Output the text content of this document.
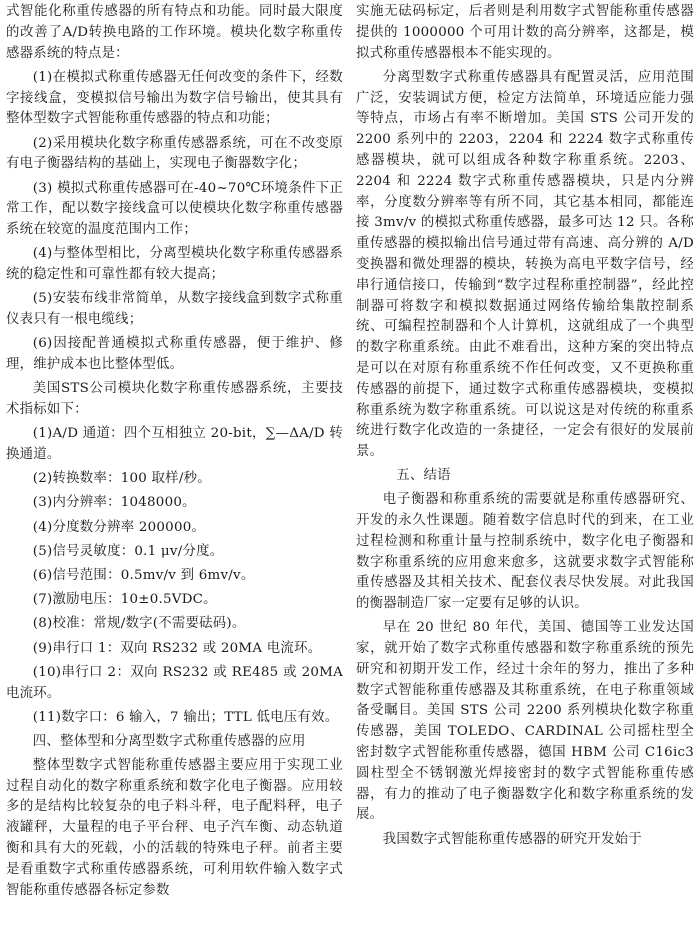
式智能化称重传感器的所有特点和功能。同时最大限度的改善了A/D转换电路的工作环境。模块化数字称重传感器系统的特点是：

(1)在模拟式称重传感器无任何改变的条件下，经数字接线盒，变模拟信号输出为数字信号输出，使其具有整体型数字式智能称重传感器的特点和功能；

(2)采用模块化数字称重传感器系统，可在不改变原有电子衡器结构的基础上，实现电子衡器数字化；

(3) 模拟式称重传感器可在-40~70℃环境条件下正常工作，配以数字接线盒可以使模块化数字称重传感器系统在较宽的温度范围内工作；

(4)与整体型相比，分离型模块化数字称重传感器系统的稳定性和可靠性都有较大提高；

(5)安装布线非常简单，从数字接线盒到数字式称重仪表只有一根电缆线；

(6)因接配普通模拟式称重传感器，便于维护、修理，维护成本也比整体型低。

美国STS公司模块化数字称重传感器系统，主要技术指标如下：

(1)A/D 通道：四个互相独立 20-bit，∑—ΔA/D 转换通道。

(2)转换数率：100 取样/秒。

(3)内分辨率：1048000。

(4)分度数分辨率 200000。

(5)信号灵敏度：0.1 μv/分度。

(6)信号范围：0.5mv/v 到 6mv/v。

(7)激励电压：10±0.5VDC。

(8)校准：常规/数字(不需要砝码)。

(9)串行口 1：双向 RS232 或 20MA 电流环。

(10)串行口 2：双向 RS232 或 RE485 或 20MA 电流环。

(11)数字口：6 输入，7 输出；TTL 低电压有效。

四、整体型和分离型数字式称重传感器的应用

整体型数字式智能称重传感器主要应用于实现工业过程自动化的数字称重系统和数字化电子衡器。应用较多的是结构比较复杂的电子料斗秤，电子配料秤，电子液罐秤，大量程的电子平台秤、电子汽车衡、动态轨道衡和具有大的死载，小的活载的特殊电子秤。前者主要是看重数字式称重传感器系统，可利用软件输入数字式智能称重传感器各标定参数

实施无砝码标定，后者则是利用数字式智能称重传感器提供的 1000000 个可用计数的高分辨率，这都是，模拟式称重传感器根本不能实现的。

分离型数字式称重传感器具有配置灵活，应用范围广泛，安装调试方便，检定方法简单，环境适应能力强等特点，市场占有率不断增加。美国 STS 公司开发的 2200 系列中的 2203，2204 和 2224 数字式称重传感器模块，就可以组成各种数字称重系统。2203、2204 和 2224 数字式称重传感器模块，只是内分辨率，分度数分辨率等有所不同，其它基本相同，都能连接 3mv/v 的模拟式称重传感器，最多可达 12 只。各称重传感器的模拟输出信号通过带有高速、高分辨的 A/D 变换器和微处理器的模块，转换为高电平数字信号，经串行通信接口，传输到“数字过程称重控制器”，经此控制器可将数字和模拟数据通过网络传输给集散控制系统、可编程控制器和个人计算机，这就组成了一个典型的数字称重系统。由此不难看出，这种方案的突出特点是可以在对原有称重系统不作任何改变，又不更换称重传感器的前提下，通过数字式称重传感器模块，变模拟称重系统为数字称重系统。可以说这是对传统的称重系统进行数字化改造的一条捷径，一定会有很好的发展前景。

五、结语

电子衡器和称重系统的需要就是称重传感器研究、开发的永久性课题。随着数字信息时代的到来，在工业过程检测和称重计量与控制系统中，数字化电子衡器和数字称重系统的应用愈来愈多，这就要求数字式智能称重传感器及其相关技术、配套仪表尽快发展。对此我国的衡器制造厂家一定要有足够的认识。

早在 20 世纪 80 年代，美国、德国等工业发达国家，就开始了数字式称重传感器和数字称重系统的预先研究和初期开发工作，经过十余年的努力，推出了多种数字式智能称重传感器及其称重系统，在电子称重领域备受瞩目。美国 STS 公司 2200 系列模块化数字称重传感器，美国 TOLEDO、CARDINAL 公司摇柱型全密封数字式智能称重传感器，德国 HBM 公司 C16ic3 圆柱型全不锈钢激光焊接密封的数字式智能称重传感器，有力的推动了电子衡器数字化和数字称重系统的发展。

我国数字式智能称重传感器的研究开发始于
